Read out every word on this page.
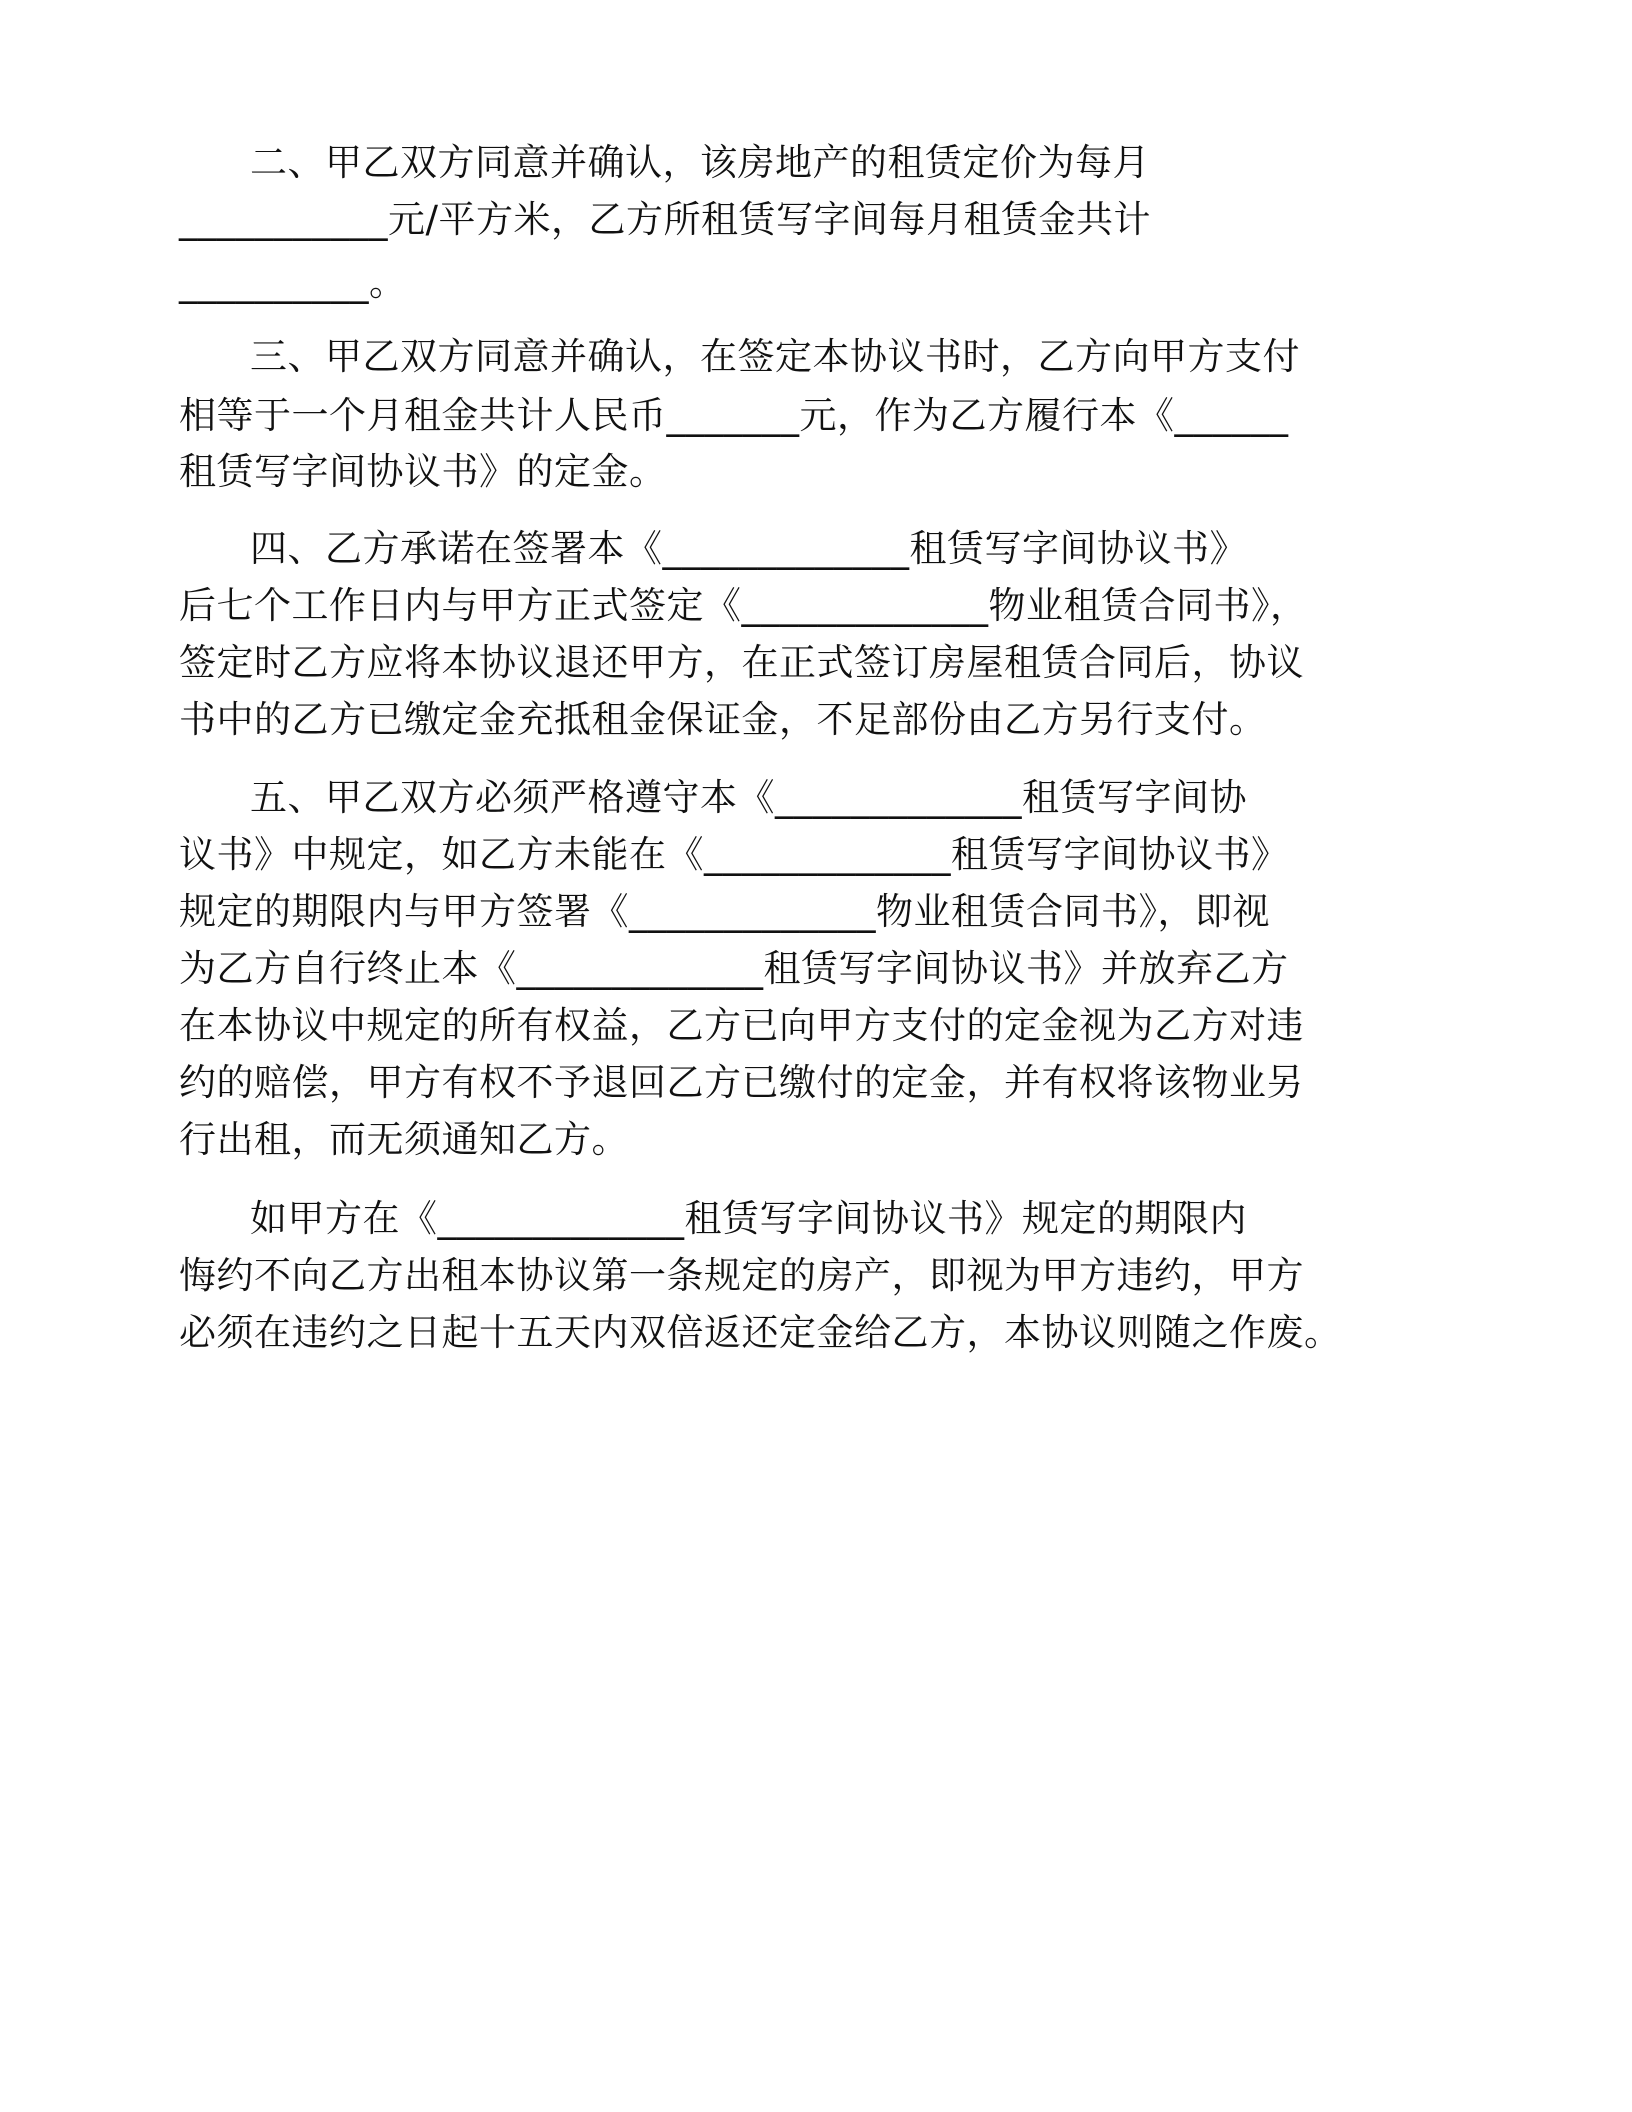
二、甲乙双方同意并确认，该房地产的租赁定价为每月
___________元/平方米，乙方所租赁写字间每月租赁金共计
__________。
三、甲乙双方同意并确认，在签定本协议书时，乙方向甲方支付
相等于一个月租金共计人民币_______元，作为乙方履行本《______
租赁写字间协议书》的定金。
四、乙方承诺在签署本《_____________租赁写字间协议书》
后七个工作日内与甲方正式签定《_____________物业租赁合同书》，
签定时乙方应将本协议退还甲方，在正式签订房屋租赁合同后，协议
书中的乙方已缴定金充抵租金保证金，不足部份由乙方另行支付。
五、甲乙双方必须严格遵守本《_____________租赁写字间协
议书》中规定，如乙方未能在《_____________租赁写字间协议书》
规定的期限内与甲方签署《_____________物业租赁合同书》，即视
为乙方自行终止本《_____________租赁写字间协议书》并放弃乙方
在本协议中规定的所有权益，乙方已向甲方支付的定金视为乙方对违
约的赔偿，甲方有权不予退回乙方已缴付的定金，并有权将该物业另
行出租，而无须通知乙方。
如甲方在《_____________租赁写字间协议书》规定的期限内
悔约不向乙方出租本协议第一条规定的房产，即视为甲方违约，甲方
必须在违约之日起十五天内双倍返还定金给乙方，本协议则随之作废。
